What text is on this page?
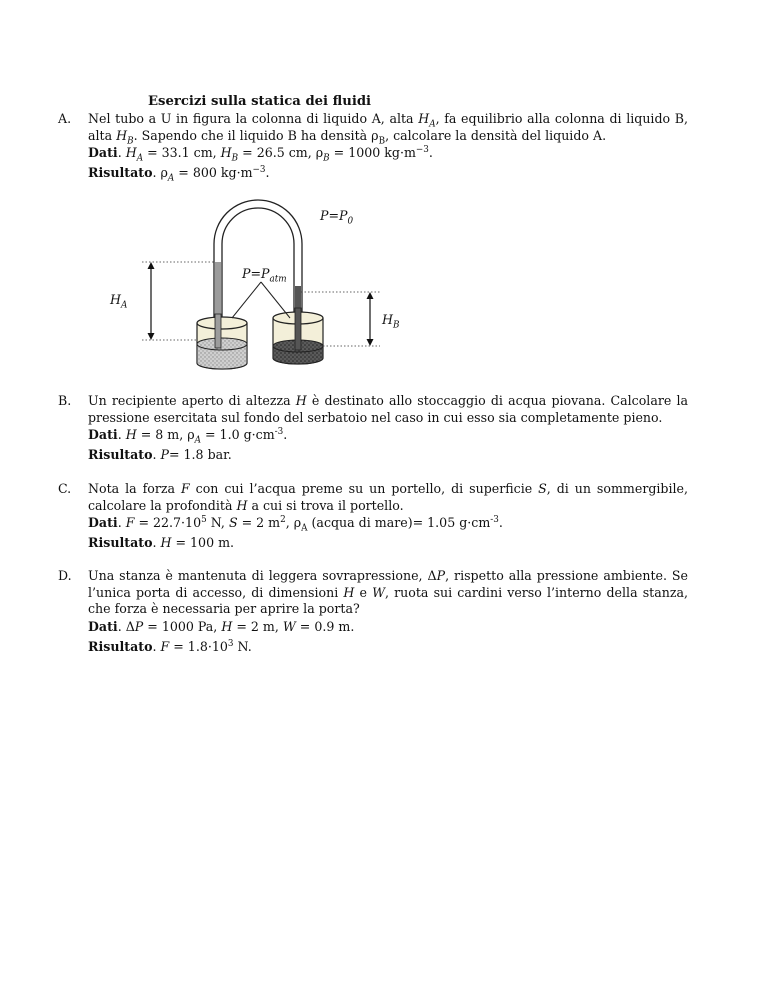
Esercizi sulla statica dei fluidi
A. Nel tubo a U in figura la colonna di liquido A, alta $H_A$, fa equilibrio alla colonna di liquido B, alta $H_B$. Sapendo che il liquido B ha densità $\rho_B$, calcolare la densità del liquido A.
Dati. $H_A = 33.1$ cm, $H_B = 26.5$ cm, $\rho_B = 1000$ $kg\cdot m^{-3}$.
Risultato. $\rho_A = 800$ $kg\cdot m^{-3}$.
$P=P_0$
$P=P_{atm}$
$H_A$
$H_B$
B. Un recipiente aperto di altezza H è destinato allo stoccaggio di acqua piovana. Calcolare la pressione esercitata sul fondo del serbatoio nel caso in cui esso sia completamente pieno.
Dati. H = 8 m, $\rho_A = 1.0$ $g\cdot cm^{-3}$.
Risultato. P= 1.8 bar.
C. Nota la forza F con cui l’acqua preme su un portello, di superficie S, di un sommergibile, calcolare la profondità H a cui si trova il portello.
Dati. $F = 22.7\cdot 10^5$ N, S = 2 $m^2$, $\rho_A$ (acqua di mare)= 1.05 $g\cdot cm^{-3}$.
Risultato. H = 100 m.
D. Una stanza è mantenuta di leggera sovrapressione, ΔP, rispetto alla pressione ambiente. Se l’unica porta di accesso, di dimensioni H e W, ruota sui cardini verso l’interno della stanza, che forza è necessaria per aprire la porta?
Dati. ΔP = 1000 Pa, H = 2 m, W = 0.9 m.
Risultato. $F = 1.8\cdot 10^3$ N.
